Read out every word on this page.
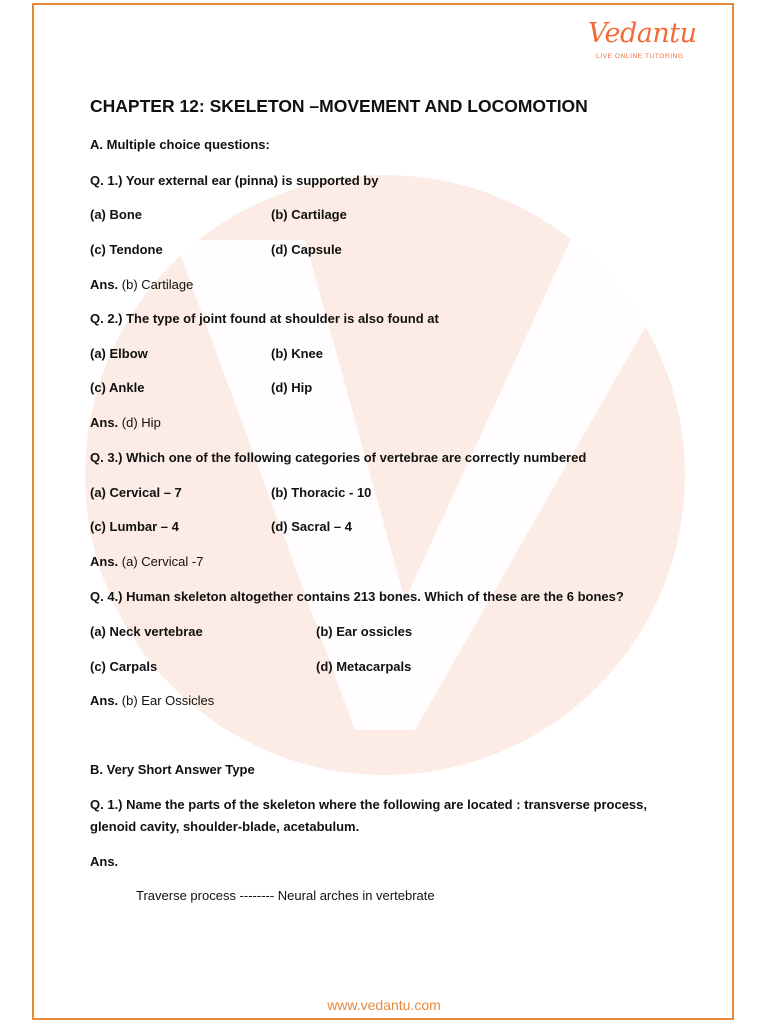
Vedantu
LIVE ONLINE TUTORING
CHAPTER 12: SKELETON –MOVEMENT AND LOCOMOTION
A. Multiple choice questions:
Q. 1.) Your external ear (pinna) is supported by
(a) Bone	(b) Cartilage
(c) Tendone	(d) Capsule
Ans. (b) Cartilage
Q. 2.) The type of joint found at shoulder is also found at
(a) Elbow	(b) Knee
(c) Ankle	(d) Hip
Ans. (d) Hip
Q. 3.) Which one of the following categories of vertebrae are correctly numbered
(a) Cervical – 7	(b) Thoracic - 10
(c) Lumbar – 4	(d) Sacral – 4
Ans. (a) Cervical -7
Q. 4.) Human skeleton altogether contains 213 bones. Which of these are the 6 bones?
(a) Neck vertebrae	(b) Ear ossicles
(c) Carpals	(d) Metacarpals
Ans. (b) Ear Ossicles
B. Very Short Answer Type
Q. 1.) Name the parts of the skeleton where the following are located : transverse process,
glenoid cavity, shoulder-blade, acetabulum.
Ans.
Traverse process -------- Neural arches in vertebrate
www.vedantu.com
